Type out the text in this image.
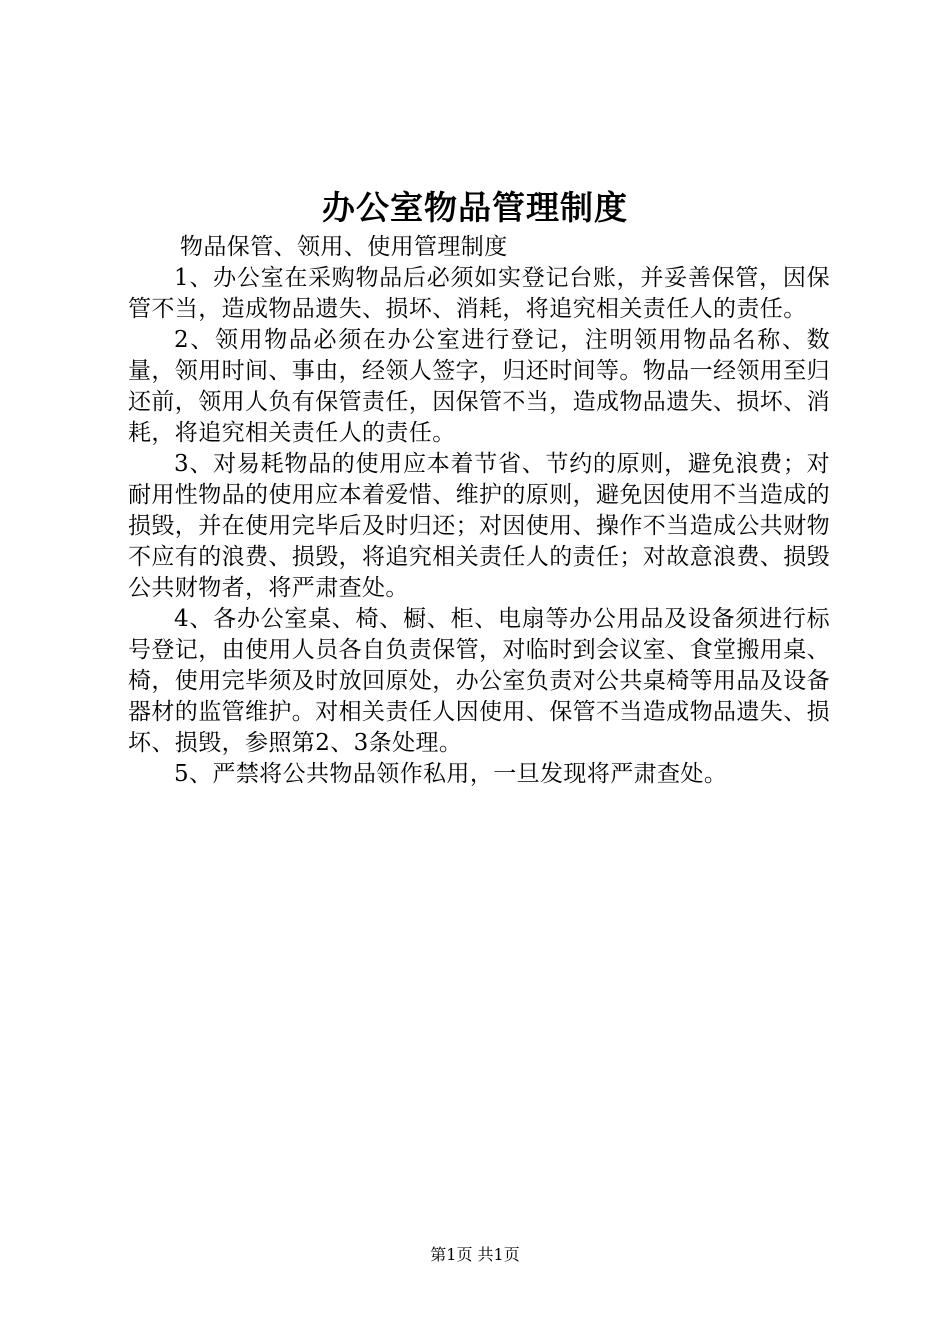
办公室物品管理制度

物品保管、领用、使用管理制度

1、办公室在采购物品后必须如实登记台账，并妥善保管，因保管不当，造成物品遗失、损坏、消耗，将追究相关责任人的责任。

2、领用物品必须在办公室进行登记，注明领用物品名称、数量，领用时间、事由，经领人签字，归还时间等。物品一经领用至归还前，领用人负有保管责任，因保管不当，造成物品遗失、损坏、消耗，将追究相关责任人的责任。

3、对易耗物品的使用应本着节省、节约的原则，避免浪费；对耐用性物品的使用应本着爱惜、维护的原则，避免因使用不当造成的损毁，并在使用完毕后及时归还；对因使用、操作不当造成公共财物不应有的浪费、损毁，将追究相关责任人的责任；对故意浪费、损毁公共财物者，将严肃查处。

4、各办公室桌、椅、橱、柜、电扇等办公用品及设备须进行标号登记，由使用人员各自负责保管，对临时到会议室、食堂搬用桌、椅，使用完毕须及时放回原处，办公室负责对公共桌椅等用品及设备器材的监管维护。对相关责任人因使用、保管不当造成物品遗失、损坏、损毁，参照第2、3条处理。

5、严禁将公共物品领作私用，一旦发现将严肃查处。

第1页 共1页
